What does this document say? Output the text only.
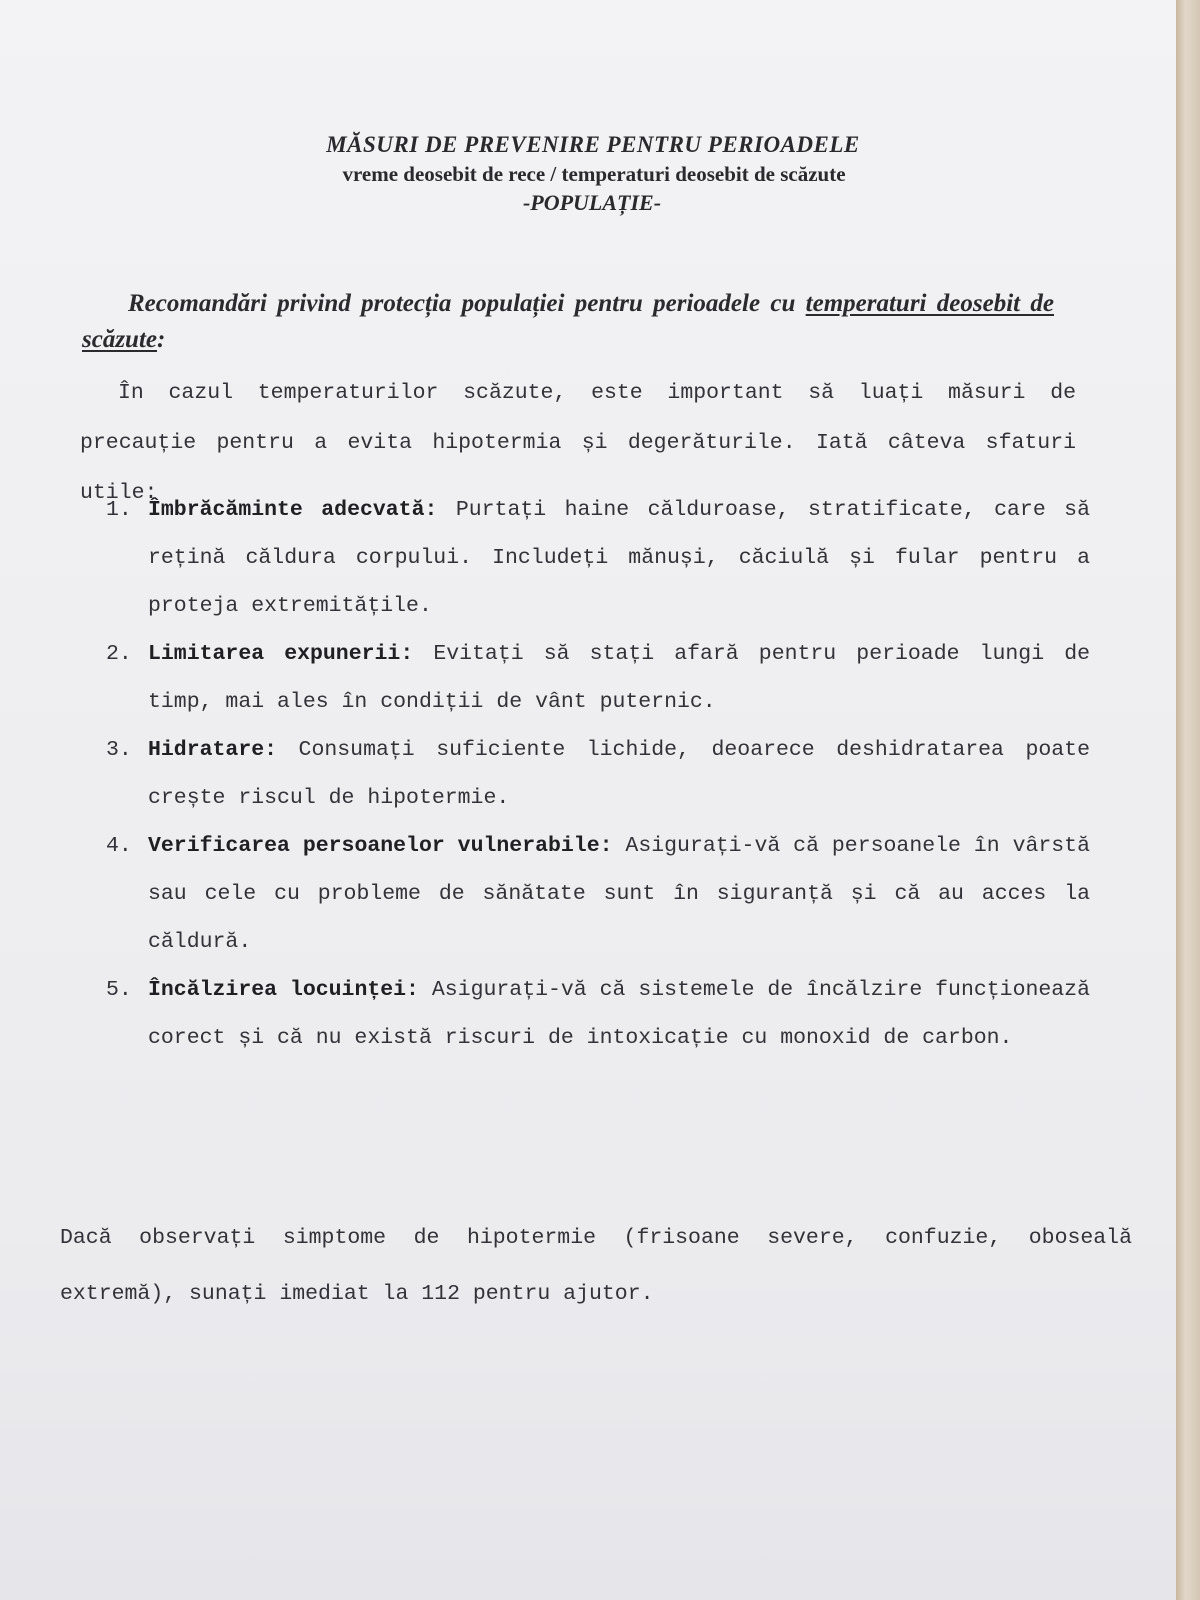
MĂSURI DE PREVENIRE PENTRU PERIOADELE
vreme deosebit de rece / temperaturi deosebit de scăzute
-POPULAȚIE-
Recomandări privind protecția populației pentru perioadele cu temperaturi deosebit de scăzute:
În cazul temperaturilor scăzute, este important să luați măsuri de precauție pentru a evita hipotermia și degerăturile. Iată câteva sfaturi utile:
1. Îmbrăcăminte adecvată: Purtați haine călduroase, stratificate, care să rețină căldura corpului. Includeți mănuși, căciulă și fular pentru a proteja extremitățile.
2. Limitarea expunerii: Evitați să stați afară pentru perioade lungi de timp, mai ales în condiții de vânt puternic.
3. Hidratare: Consumați suficiente lichide, deoarece deshidratarea poate crește riscul de hipotermie.
4. Verificarea persoanelor vulnerabile: Asigurați-vă că persoanele în vârstă sau cele cu probleme de sănătate sunt în siguranță și că au acces la căldură.
5. Încălzirea locuinței: Asigurați-vă că sistemele de încălzire funcționează corect și că nu există riscuri de intoxicație cu monoxid de carbon.
Dacă observați simptome de hipotermie (frisoane severe, confuzie, oboseală extremă), sunați imediat la 112 pentru ajutor.
